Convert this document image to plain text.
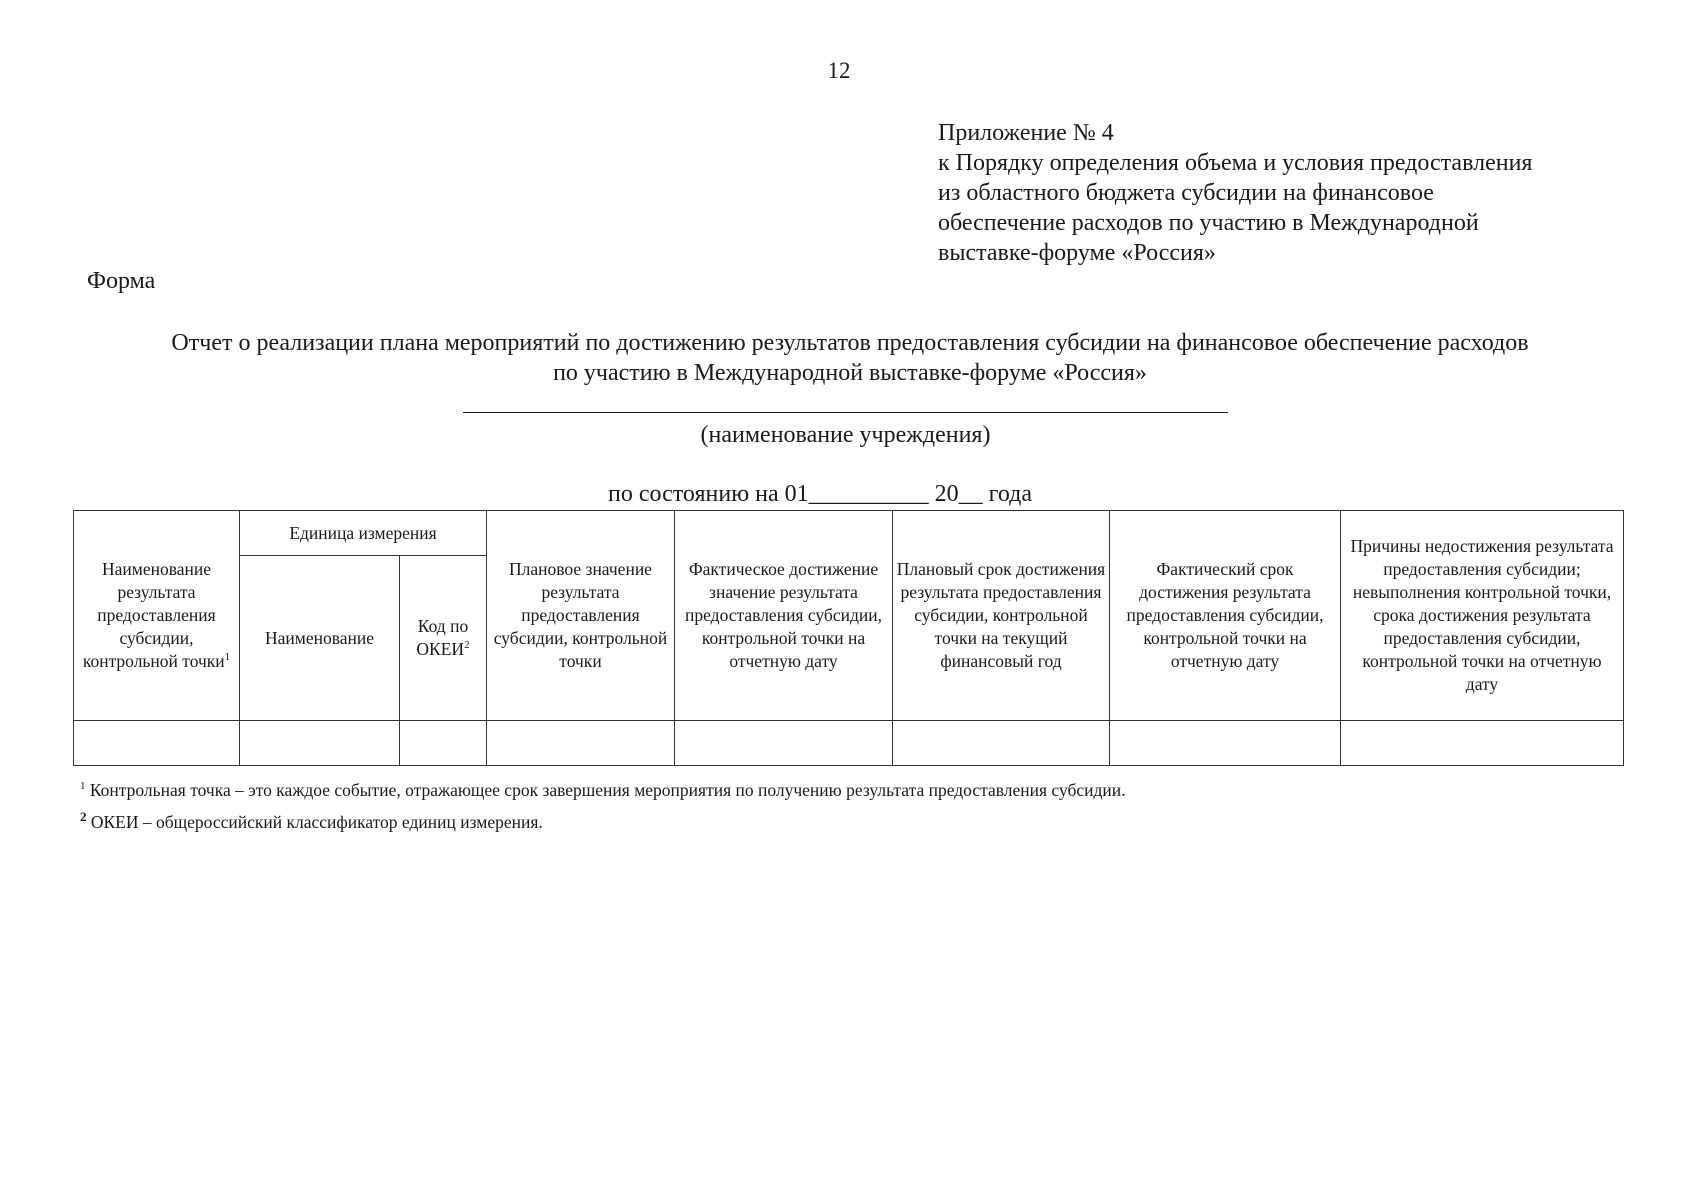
12
Приложение № 4
к Порядку определения объема и условия предоставления
из областного бюджета субсидии на финансовое
обеспечение расходов по участию в Международной
выставке-форуме «Россия»
Форма
Отчет о реализации плана мероприятий по достижению результатов предоставления субсидии на финансовое обеспечение расходов
по участию в Международной выставке-форуме «Россия»
(наименование учреждения)
по состоянию на 01__________ 20__ года
Наименование результата предоставления субсидии, контрольной точки$^1$	Единица измерения		Плановое значение результата предоставления субсидии, контрольной точки	Фактическое достижение значение результата предоставления субсидии, контрольной точки на отчетную дату	Плановый срок достижения результата предоставления субсидии, контрольной точки на текущий финансовый год	Фактический срок достижения результата предоставления субсидии, контрольной точки на отчетную дату	Причины недостижения результата предоставления субсидии; невыполнения контрольной точки, срока достижения результата предоставления субсидии, контрольной точки на отчетную дату
	Наименование	Код по ОКЕИ$^2$

$^1$ Контрольная точка – это каждое событие, отражающее срок завершения мероприятия по получению результата предоставления субсидии.
$^2$ ОКЕИ – общероссийский классификатор единиц измерения.
